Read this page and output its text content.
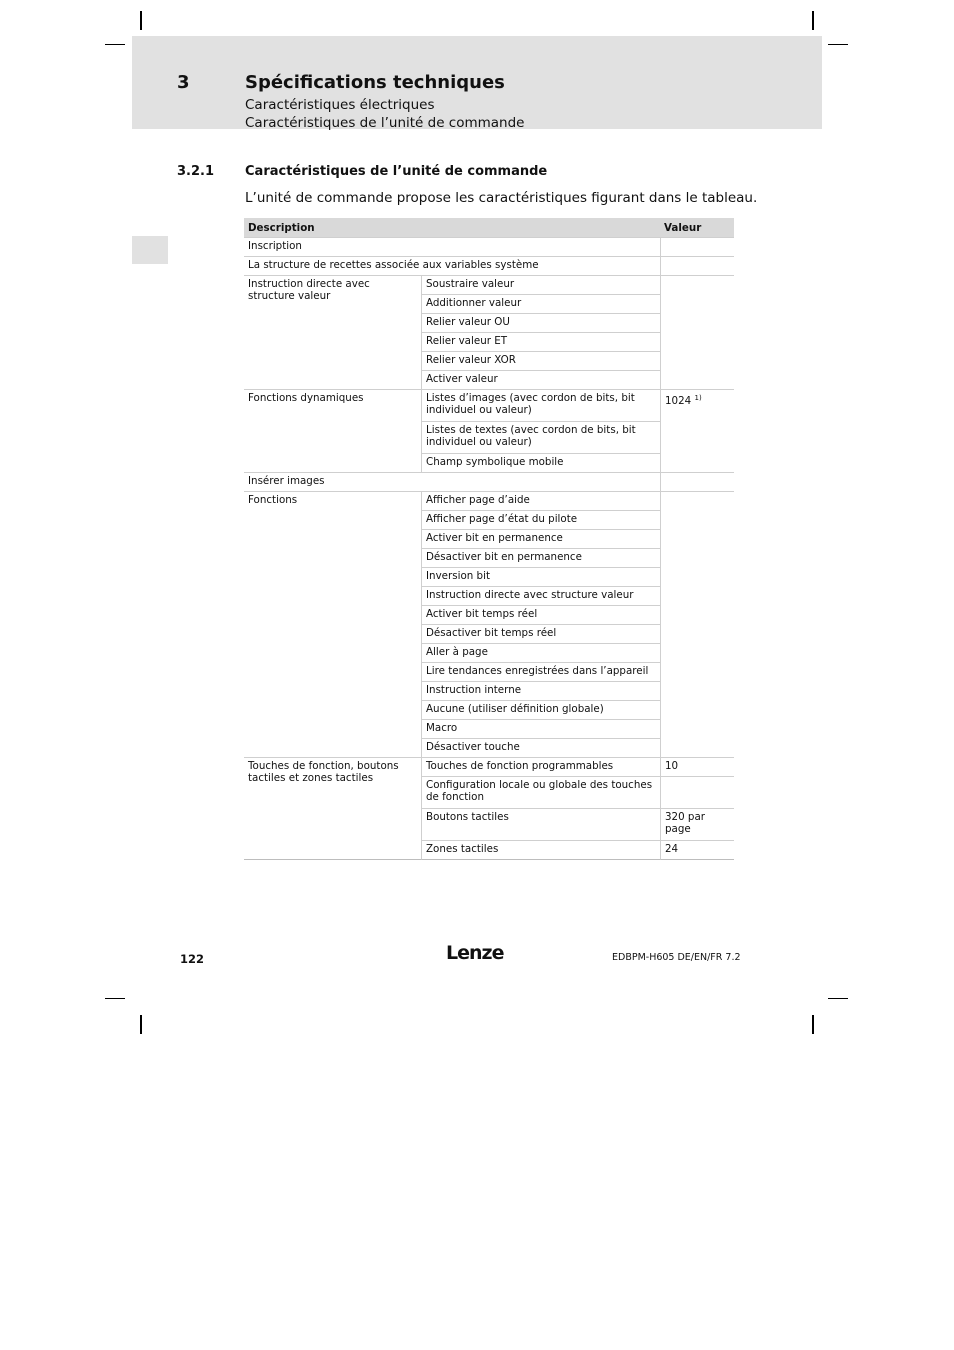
3	Spécifications techniques
Caractéristiques électriques
Caractéristiques de l’unité de commande
3.2.1 Caractéristiques de l’unité de commande
L’unité de commande propose les caractéristiques figurant dans le tableau.
Description		Valeur
Inscription		
La structure de recettes associée aux variables système		
Instruction directe avec structure valeur	Soustraire valeur	
	Additionner valeur	
	Relier valeur OU	
	Relier valeur ET	
	Relier valeur XOR	
	Activer valeur	
Fonctions dynamiques	Listes d’images (avec cordon de bits, bit individuel ou valeur)	1024 $^{1)}$
	Listes de textes (avec cordon de bits, bit individuel ou valeur)	
	Champ symbolique mobile	
Insérer images		
Fonctions	Afficher page d’aide	
	Afficher page d’état du pilote	
	Activer bit en permanence	
	Désactiver bit en permanence	
	Inversion bit	
	Instruction directe avec structure valeur	
	Activer bit temps réel	
	Désactiver bit temps réel	
	Aller à page	
	Lire tendances enregistrées dans l’appareil	
	Instruction interne	
	Aucune (utiliser définition globale)	
	Macro	
	Désactiver touche	
Touches de fonction, boutons tactiles et zones tactiles	Touches de fonction programmables	10
	Configuration locale ou globale des touches de fonction	
	Boutons tactiles	320 par page
	Zones tactiles	24
122	Lenze	EDBPM-H605 DE/EN/FR 7.2
